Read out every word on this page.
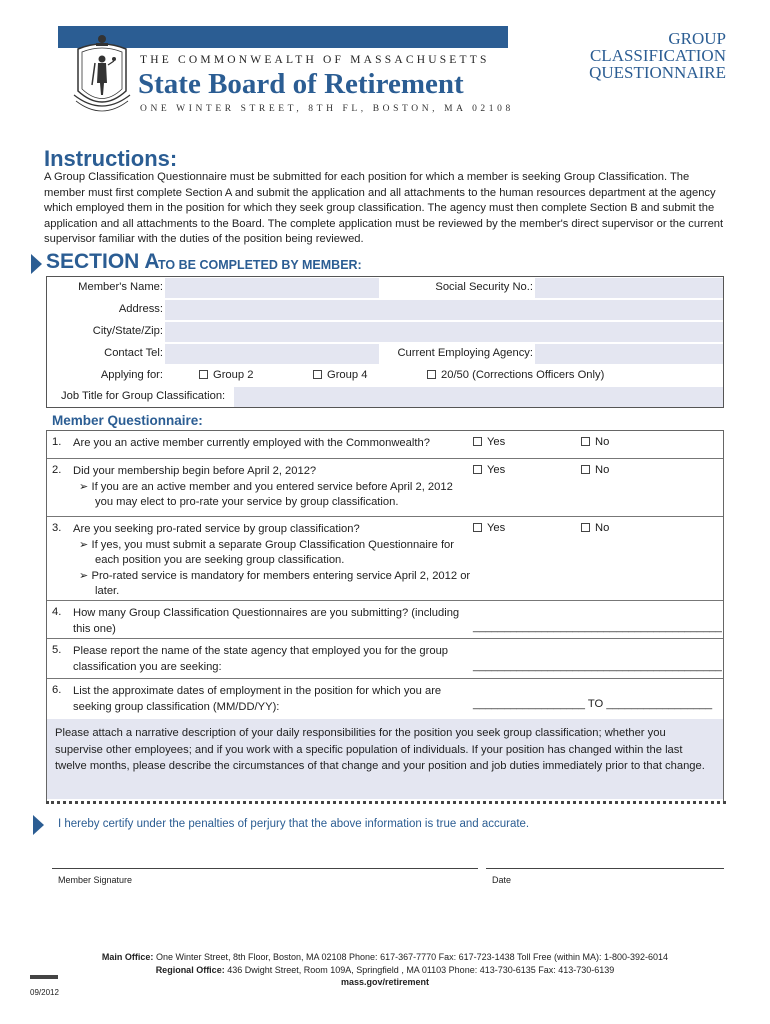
THE COMMONWEALTH OF MASSACHUSETTS
State Board of Retirement
ONE WINTER STREET, 8TH FL, BOSTON, MA 02108
GROUP
CLASSIFICATION
QUESTIONNAIRE
Instructions:
A Group Classification Questionnaire must be submitted for each position for which a member is seeking Group Classification. The member must first complete Section A and submit the application and all attachments to the human resources department at the agency which employed them in the position for which they seek group classification. The agency must then complete Section B and submit the application and all attachments to the Board. The complete application must be reviewed by the member's direct supervisor or the current supervisor familiar with the duties of the position being reviewed.
SECTION A
TO BE COMPLETED BY MEMBER:
Member's Name:	Social Security No.:
Address:
City/State/Zip:
Contact Tel:	Current Employing Agency:
Applying for:	Group 2	Group 4	20/50 (Corrections Officers Only)
Job Title for Group Classification:
Member Questionnaire:
1. Are you an active member currently employed with the Commonwealth?	Yes	No
2. Did your membership begin before April 2, 2012?
➢ If you are an active member and you entered service before April 2, 2012 you may elect to pro-rate your service by group classification.
Yes	No
3. Are you seeking pro-rated service by group classification?
➢ If yes, you must submit a separate Group Classification Questionnaire for each position you are seeking group classification.
➢ Pro-rated service is mandatory for members entering service April 2, 2012 or later.
Yes	No
4. How many Group Classification Questionnaires are you submitting? (including this one)	________________________________________
5. Please report the name of the state agency that employed you for the group classification you are seeking:	________________________________________
6. List the approximate dates of employment in the position for which you are seeking group classification (MM/DD/YY):	__________________ TO _________________
Please attach a narrative description of your daily responsibilities for the position you seek group classification; whether you supervise other employees; and if you work with a specific population of individuals. If your position has changed within the last twelve months, please describe the circumstances of that change and your position and job duties immediately prior to that change.
I hereby certify under the penalties of perjury that the above information is true and accurate.
Member Signature	Date
Main Office: One Winter Street, 8th Floor, Boston, MA 02108 Phone: 617-367-7770 Fax: 617-723-1438 Toll Free (within MA): 1-800-392-6014
Regional Office: 436 Dwight Street, Room 109A, Springfield , MA 01103 Phone: 413-730-6135 Fax: 413-730-6139
mass.gov/retirement
09/2012
